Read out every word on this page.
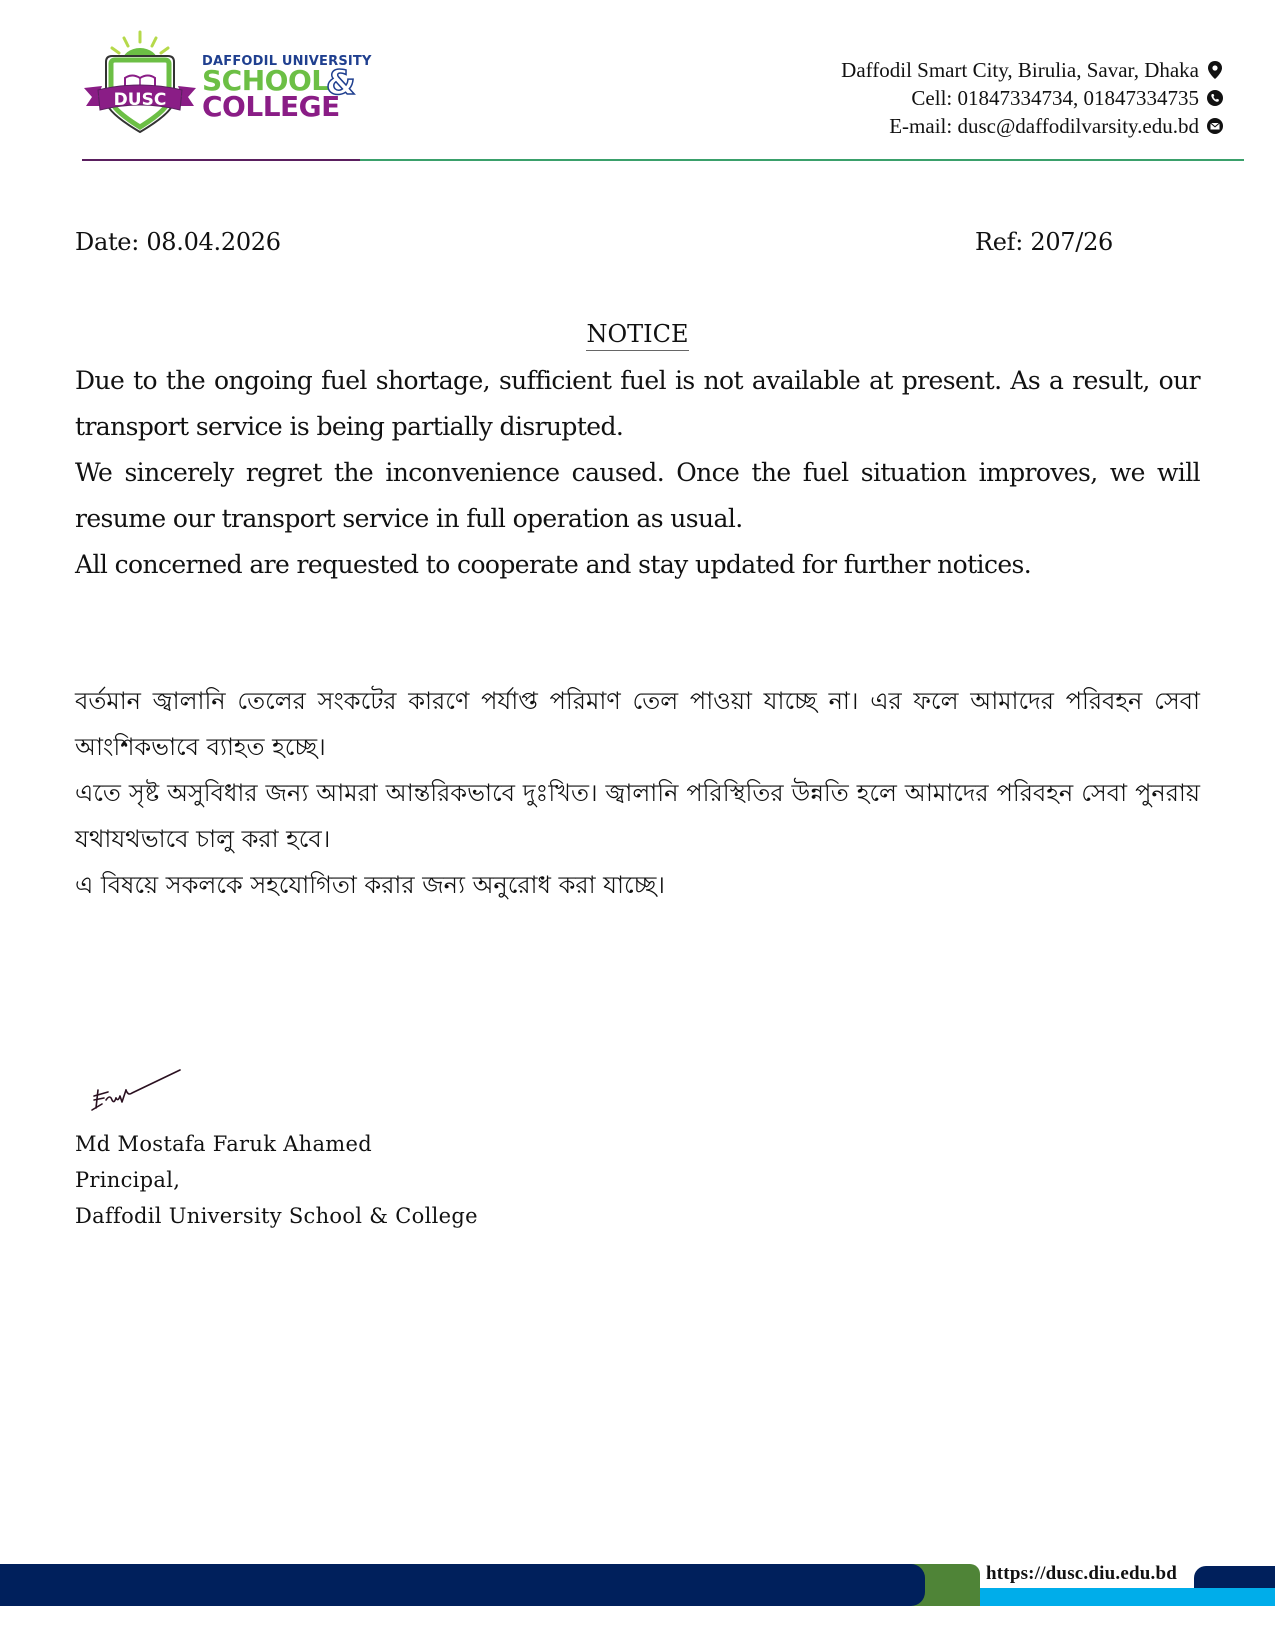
DUSC
DAFFODIL UNIVERSITY
SCHOOL
&
COLLEGE
Daffodil Smart City, Birulia, Savar, Dhaka
Cell: 01847334734, 01847334735
E-mail: dusc@daffodilvarsity.edu.bd
Date: 08.04.2026	Ref: 207/26
NOTICE

Due to the ongoing fuel shortage, sufficient fuel is not available at present. As a result, our transport service is being partially disrupted.

We sincerely regret the inconvenience caused. Once the fuel situation improves, we will resume our transport service in full operation as usual.

All concerned are requested to cooperate and stay updated for further notices.

বর্তমান জ্বালানি তেলের সংকটের কারণে পর্যাপ্ত পরিমাণ তেল পাওয়া যাচ্ছে না। এর ফলে আমাদের পরিবহন সেবা আংশিকভাবে ব্যাহত হচ্ছে।

এতে সৃষ্ট অসুবিধার জন্য আমরা আন্তরিকভাবে দুঃখিত। জ্বালানি পরিস্থিতির উন্নতি হলে আমাদের পরিবহন সেবা পুনরায় যথাযথভাবে চালু করা হবে।

এ বিষয়ে সকলকে সহযোগিতা করার জন্য অনুরোধ করা যাচ্ছে।

Md Mostafa Faruk Ahamed
Principal,
Daffodil University School & College
https://dusc.diu.edu.bd
